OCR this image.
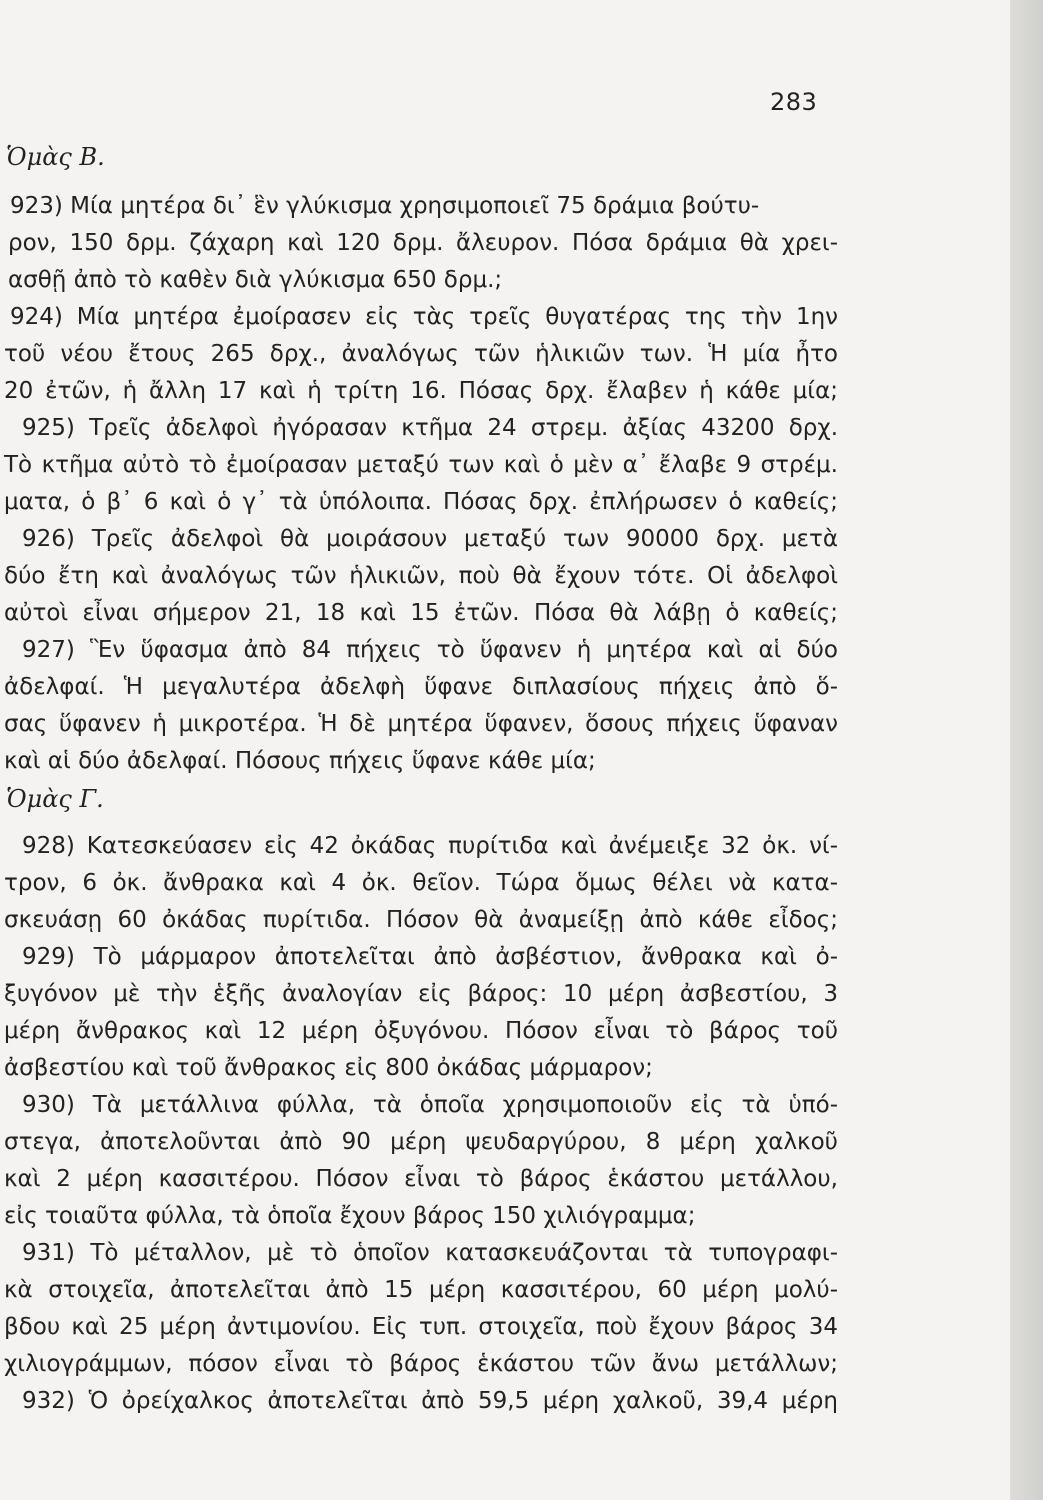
283
Ὁμὰς Β.
923) Μία μητέρα δι᾽ ἓν γλύκισμα χρησιμοποιεῖ 75 δράμια βούτυ-
ρον, 150 δρμ. ζάχαρη καὶ 120 δρμ. ἄλευρον. Πόσα δράμια θὰ χρει-
ασθῇ ἀπὸ τὸ καθὲν διὰ γλύκισμα 650 δρμ.;
924) Μία μητέρα ἐμοίρασεν εἰς τὰς τρεῖς θυγατέρας της τὴν 1ην
τοῦ νέου ἔτους 265 δρχ., ἀναλόγως τῶν ἡλικιῶν των. Ἡ μία ἦτο
20 ἐτῶν, ἡ ἄλλη 17 καὶ ἡ τρίτη 16. Πόσας δρχ. ἔλαβεν ἡ κάθε μία;
925) Τρεῖς ἀδελφοὶ ἠγόρασαν κτῆμα 24 στρεμ. ἀξίας 43200 δρχ.
Τὸ κτῆμα αὐτὸ τὸ ἐμοίρασαν μεταξύ των καὶ ὁ μὲν α᾽ ἔλαβε 9 στρέμ.
ματα, ὁ β᾽ 6 καὶ ὁ γ᾽ τὰ ὑπόλοιπα. Πόσας δρχ. ἐπλήρωσεν ὁ καθείς;
926) Τρεῖς ἀδελφοὶ θὰ μοιράσουν μεταξύ των 90000 δρχ. μετὰ
δύο ἔτη καὶ ἀναλόγως τῶν ἡλικιῶν, ποὺ θὰ ἔχουν τότε. Οἱ ἀδελφοὶ
αὐτοὶ εἶναι σήμερον 21, 18 καὶ 15 ἐτῶν. Πόσα θὰ λάβῃ ὁ καθείς;
927) Ἓν ὕφασμα ἀπὸ 84 πήχεις τὸ ὕφανεν ἡ μητέρα καὶ αἱ δύο
ἀδελφαί. Ἡ μεγαλυτέρα ἀδελφὴ ὕφανε διπλασίους πήχεις ἀπὸ ὅ-
σας ὕφανεν ἡ μικροτέρα. Ἡ δὲ μητέρα ὕφανεν, ὅσους πήχεις ὕφαναν
καὶ αἱ δύο ἀδελφαί. Πόσους πήχεις ὕφανε κάθε μία;
Ὁμὰς Γ.
928) Κατεσκεύασεν εἰς 42 ὀκάδας πυρίτιδα καὶ ἀνέμειξε 32 ὀκ. νί-
τρον, 6 ὀκ. ἄνθρακα καὶ 4 ὀκ. θεῖον. Τώρα ὅμως θέλει νὰ κατα-
σκευάσῃ 60 ὀκάδας πυρίτιδα. Πόσον θὰ ἀναμείξῃ ἀπὸ κάθε εἶδος;
929) Τὸ μάρμαρον ἀποτελεῖται ἀπὸ ἀσβέστιον, ἄνθρακα καὶ ὀ-
ξυγόνον μὲ τὴν ἑξῆς ἀναλογίαν εἰς βάρος: 10 μέρη ἀσβεστίου, 3
μέρη ἄνθρακος καὶ 12 μέρη ὀξυγόνου. Πόσον εἶναι τὸ βάρος τοῦ
ἀσβεστίου καὶ τοῦ ἄνθρακος εἰς 800 ὀκάδας μάρμαρον;
930) Τὰ μετάλλινα φύλλα, τὰ ὁποῖα χρησιμοποιοῦν εἰς τὰ ὑπό-
στεγα, ἀποτελοῦνται ἀπὸ 90 μέρη ψευδαργύρου, 8 μέρη χαλκοῦ
καὶ 2 μέρη κασσιτέρου. Πόσον εἶναι τὸ βάρος ἑκάστου μετάλλου,
εἰς τοιαῦτα φύλλα, τὰ ὁποῖα ἔχουν βάρος 150 χιλιόγραμμα;
931) Τὸ μέταλλον, μὲ τὸ ὁποῖον κατασκευάζονται τὰ τυπογραφι-
κὰ στοιχεῖα, ἀποτελεῖται ἀπὸ 15 μέρη κασσιτέρου, 60 μέρη μολύ-
βδου καὶ 25 μέρη ἀντιμονίου. Εἰς τυπ. στοιχεῖα, ποὺ ἔχουν βάρος 34
χιλιογράμμων, πόσον εἶναι τὸ βάρος ἑκάστου τῶν ἄνω μετάλλων;
932) Ὁ ὀρείχαλκος ἀποτελεῖται ἀπὸ 59,5 μέρη χαλκοῦ, 39,4 μέρη
